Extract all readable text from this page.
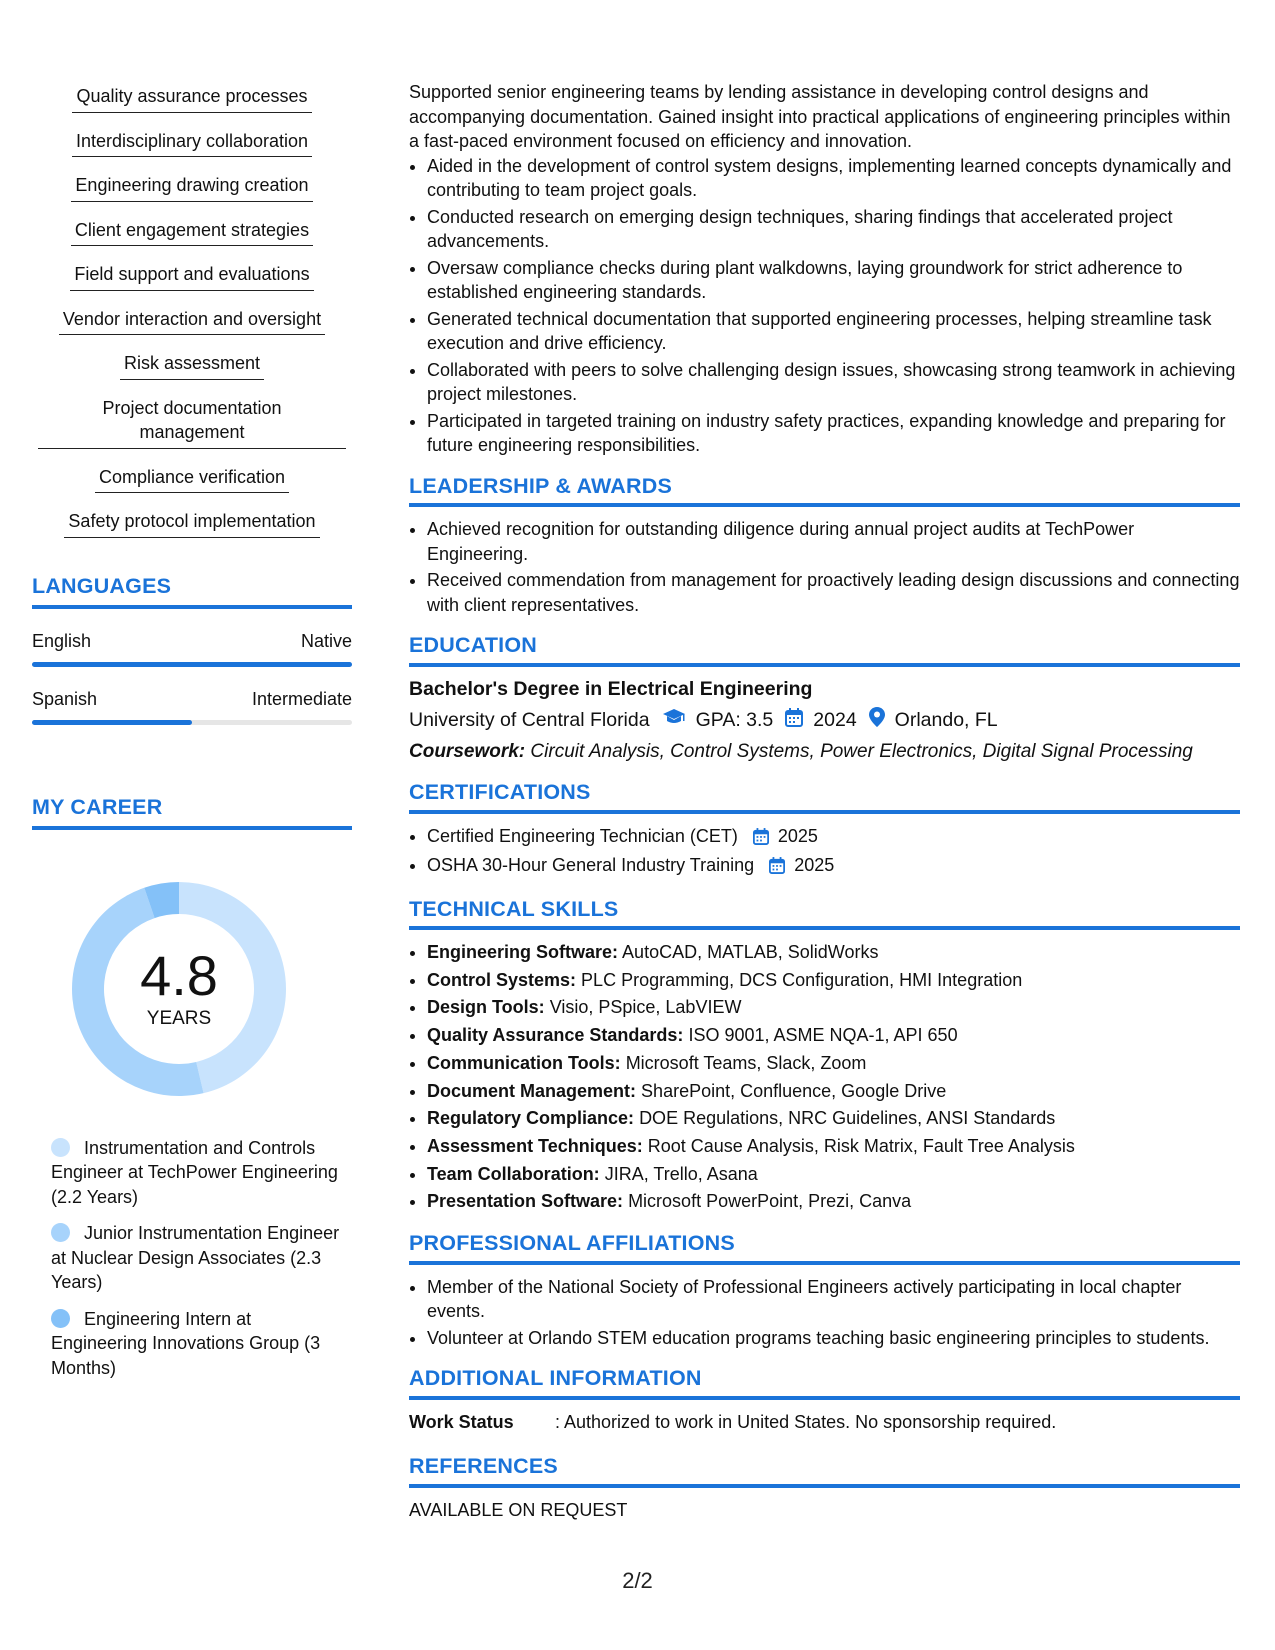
Quality assurance processes
Interdisciplinary collaboration
Engineering drawing creation
Client engagement strategies
Field support and evaluations
Vendor interaction and oversight
Risk assessment
Project documentation management
Compliance verification
Safety protocol implementation
LANGUAGES
English	Native
Spanish	Intermediate
MY CAREER
4.8
YEARS
Instrumentation and Controls Engineer at TechPower Engineering (2.2 Years)
Junior Instrumentation Engineer at Nuclear Design Associates (2.3 Years)
Engineering Intern at Engineering Innovations Group (3 Months)
Supported senior engineering teams by lending assistance in developing control designs and accompanying documentation. Gained insight into practical applications of engineering principles within a fast-paced environment focused on efficiency and innovation.
• Aided in the development of control system designs, implementing learned concepts dynamically and contributing to team project goals.
• Conducted research on emerging design techniques, sharing findings that accelerated project advancements.
• Oversaw compliance checks during plant walkdowns, laying groundwork for strict adherence to established engineering standards.
• Generated technical documentation that supported engineering processes, helping streamline task execution and drive efficiency.
• Collaborated with peers to solve challenging design issues, showcasing strong teamwork in achieving project milestones.
• Participated in targeted training on industry safety practices, expanding knowledge and preparing for future engineering responsibilities.
LEADERSHIP & AWARDS
• Achieved recognition for outstanding diligence during annual project audits at TechPower Engineering.
• Received commendation from management for proactively leading design discussions and connecting with client representatives.
EDUCATION
Bachelor's Degree in Electrical Engineering
University of Central Florida GPA: 3.5 2024 Orlando, FL
Coursework: Circuit Analysis, Control Systems, Power Electronics, Digital Signal Processing
CERTIFICATIONS
• Certified Engineering Technician (CET) 2025
• OSHA 30-Hour General Industry Training 2025
TECHNICAL SKILLS
• Engineering Software: AutoCAD, MATLAB, SolidWorks
• Control Systems: PLC Programming, DCS Configuration, HMI Integration
• Design Tools: Visio, PSpice, LabVIEW
• Quality Assurance Standards: ISO 9001, ASME NQA-1, API 650
• Communication Tools: Microsoft Teams, Slack, Zoom
• Document Management: SharePoint, Confluence, Google Drive
• Regulatory Compliance: DOE Regulations, NRC Guidelines, ANSI Standards
• Assessment Techniques: Root Cause Analysis, Risk Matrix, Fault Tree Analysis
• Team Collaboration: JIRA, Trello, Asana
• Presentation Software: Microsoft PowerPoint, Prezi, Canva
PROFESSIONAL AFFILIATIONS
• Member of the National Society of Professional Engineers actively participating in local chapter events.
• Volunteer at Orlando STEM education programs teaching basic engineering principles to students.
ADDITIONAL INFORMATION
Work Status	: Authorized to work in United States. No sponsorship required.
REFERENCES
AVAILABLE ON REQUEST
2/2
